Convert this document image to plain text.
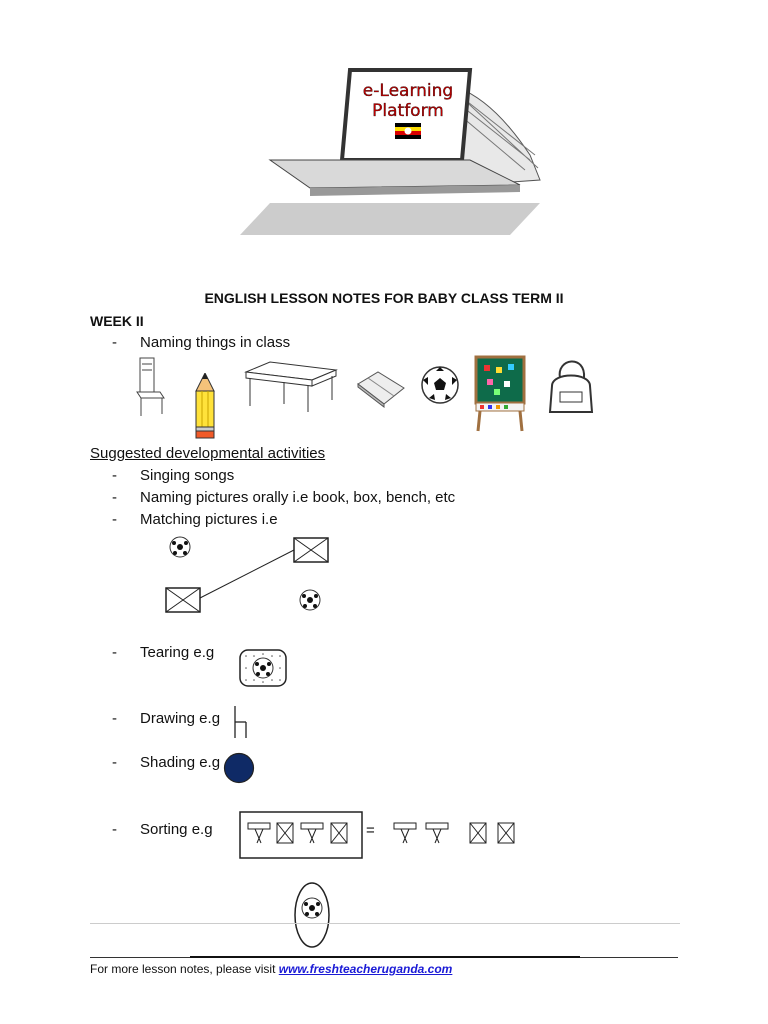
e-Learning
Platform
ENGLISH LESSON NOTES FOR BABY CLASS TERM II
WEEK II
- Naming things in class
Suggested developmental activities
- Singing songs
- Naming pictures orally i.e book, box, bench, etc
- Matching pictures i.e
- Tearing e.g
- Drawing e.g
- Shading e.g
- Sorting e.g	=
For more lesson notes, please visit www.freshteacheruganda.com
